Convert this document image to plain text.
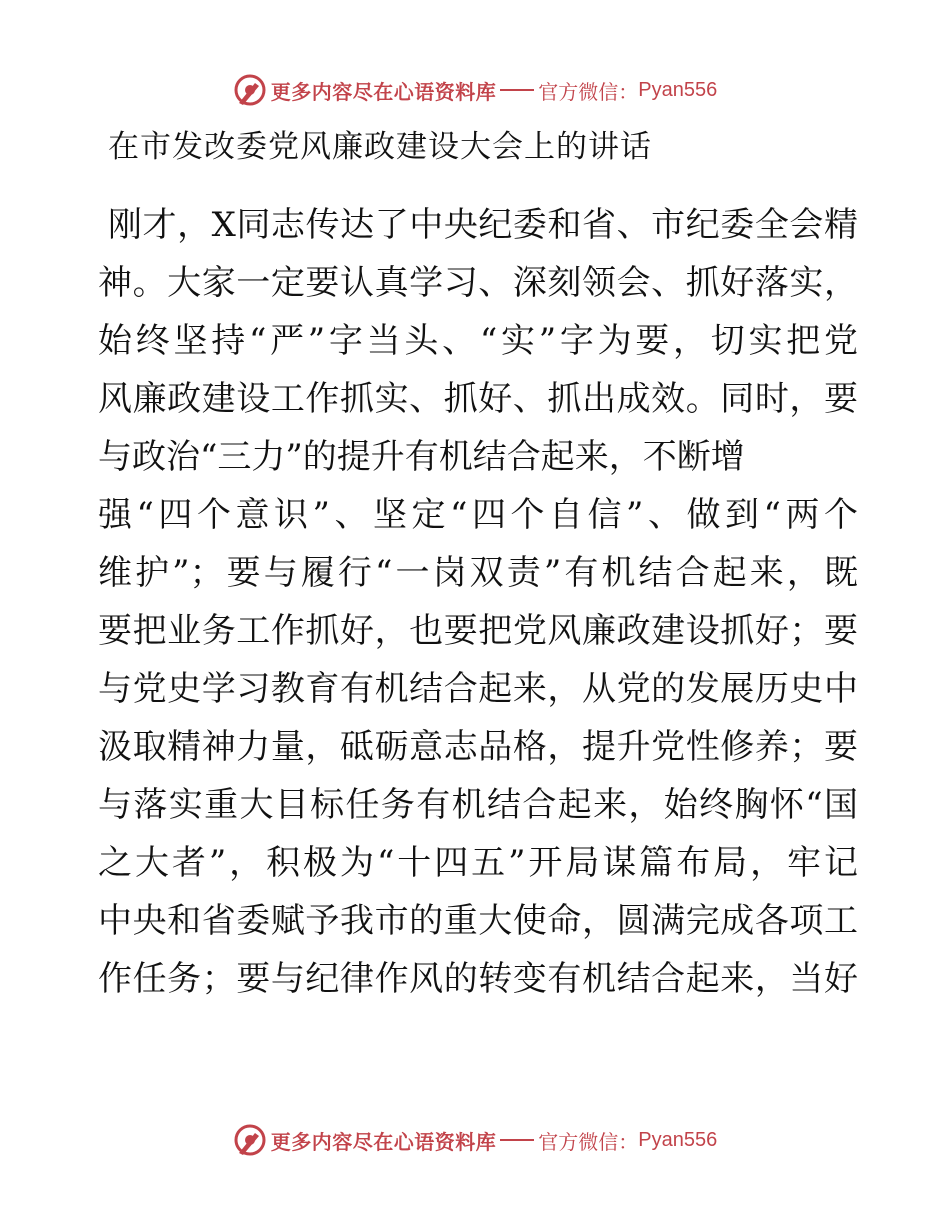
更多内容尽在心语资料库 官方微信： Pyan556
在市发改委党风廉政建设大会上的讲话
刚才，X同志传达了中央纪委和省、市纪委全会精
神。大家一定要认真学习、深刻领会、抓好落实，
始终坚持“严”字当头、“实”字为要，切实把党
风廉政建设工作抓实、抓好、抓出成效。同时，要
与政治“三力”的提升有机结合起来，不断增
强“四个意识”、坚定“四个自信”、做到“两个
维护”；要与履行“一岗双责”有机结合起来，既
要把业务工作抓好，也要把党风廉政建设抓好；要
与党史学习教育有机结合起来，从党的发展历史中
汲取精神力量，砥砺意志品格，提升党性修养；要
与落实重大目标任务有机结合起来，始终胸怀“国
之大者”，积极为“十四五”开局谋篇布局，牢记
中央和省委赋予我市的重大使命，圆满完成各项工
作任务；要与纪律作风的转变有机结合起来，当好
更多内容尽在心语资料库 官方微信： Pyan556
